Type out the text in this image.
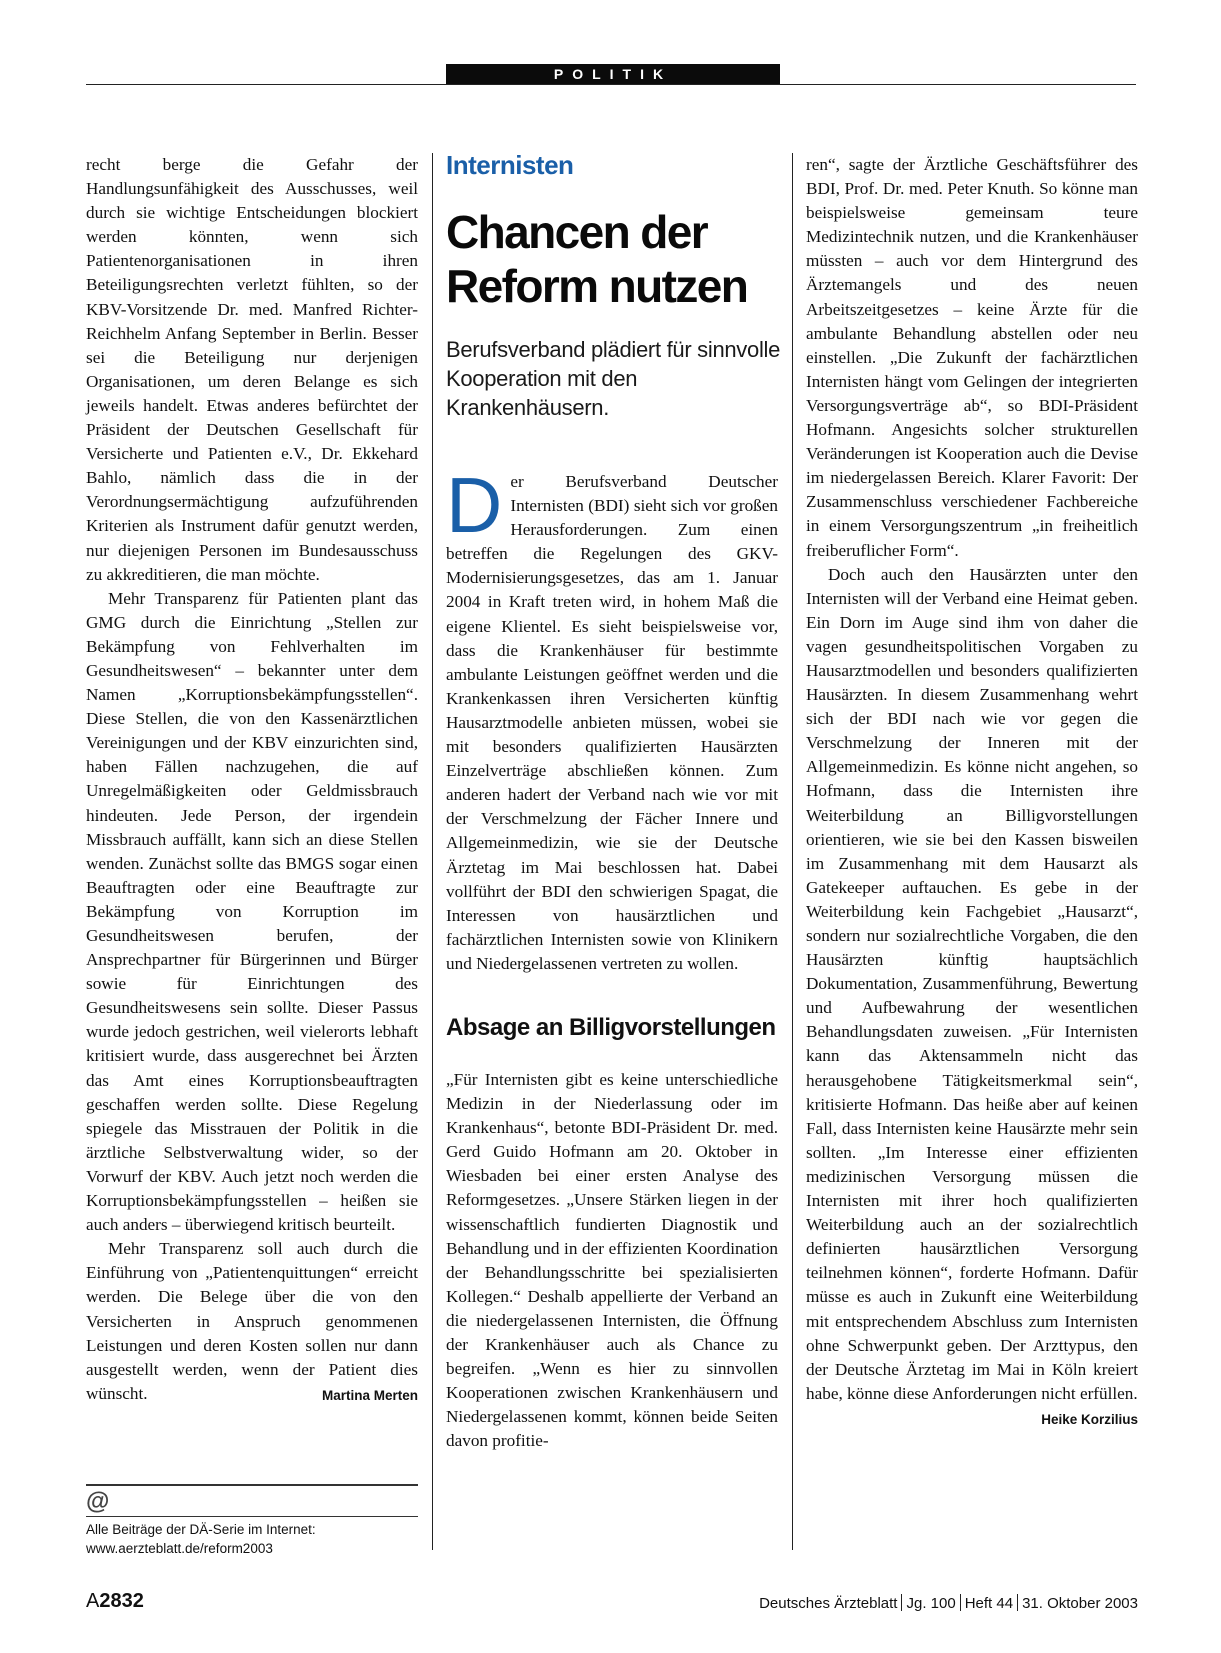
POLITIK

recht berge die Gefahr der Handlungsunfähigkeit des Ausschusses, weil durch sie wichtige Entscheidungen blockiert werden könnten, wenn sich Patientenorganisationen in ihren Beteiligungsrechten verletzt fühlten, so der KBV-Vorsitzende Dr. med. Manfred Richter-Reichhelm Anfang September in Berlin. Besser sei die Beteiligung nur derjenigen Organisationen, um deren Belange es sich jeweils handelt. Etwas anderes befürchtet der Präsident der Deutschen Gesellschaft für Versicherte und Patienten e.V., Dr. Ekkehard Bahlo, nämlich dass die in der Verordnungsermächtigung aufzuführenden Kriterien als Instrument dafür genutzt werden, nur diejenigen Personen im Bundesausschuss zu akkreditieren, die man möchte.

Mehr Transparenz für Patienten plant das GMG durch die Einrichtung „Stellen zur Bekämpfung von Fehlverhalten im Gesundheitswesen“ – bekannter unter dem Namen „Korruptionsbekämpfungsstellen“. Diese Stellen, die von den Kassenärztlichen Vereinigungen und der KBV einzurichten sind, haben Fällen nachzugehen, die auf Unregelmäßigkeiten oder Geldmissbrauch hindeuten. Jede Person, der irgendein Missbrauch auffällt, kann sich an diese Stellen wenden. Zunächst sollte das BMGS sogar einen Beauftragten oder eine Beauftragte zur Bekämpfung von Korruption im Gesundheitswesen berufen, der Ansprechpartner für Bürgerinnen und Bürger sowie für Einrichtungen des Gesundheitswesens sein sollte. Dieser Passus wurde jedoch gestrichen, weil vielerorts lebhaft kritisiert wurde, dass ausgerechnet bei Ärzten das Amt eines Korruptionsbeauftragten geschaffen werden sollte. Diese Regelung spiegele das Misstrauen der Politik in die ärztliche Selbstverwaltung wider, so der Vorwurf der KBV. Auch jetzt noch werden die Korruptionsbekämpfungsstellen – heißen sie auch anders – überwiegend kritisch beurteilt.

Mehr Transparenz soll auch durch die Einführung von „Patientenquittungen“ erreicht werden. Die Belege über die von den Versicherten in Anspruch genommenen Leistungen und deren Kosten sollen nur dann ausgestellt werden, wenn der Patient dies wünscht.	Martina Merten

@
Alle Beiträge der DÄ-Serie im Internet: www.aerzteblatt.de/reform2003
Internisten
Chancen der Reform nutzen
Berufsverband plädiert für sinnvolle Kooperation mit den Krankenhäusern.

Der Berufsverband Deutscher Internisten (BDI) sieht sich vor großen Herausforderungen. Zum einen betreffen die Regelungen des GKV-Modernisierungsgesetzes, das am 1. Januar 2004 in Kraft treten wird, in hohem Maß die eigene Klientel. Es sieht beispielsweise vor, dass die Krankenhäuser für bestimmte ambulante Leistungen geöffnet werden und die Krankenkassen ihren Versicherten künftig Hausarztmodelle anbieten müssen, wobei sie mit besonders qualifizierten Hausärzten Einzelverträge abschließen können. Zum anderen hadert der Verband nach wie vor mit der Verschmelzung der Fächer Innere und Allgemeinmedizin, wie sie der Deutsche Ärztetag im Mai beschlossen hat. Dabei vollführt der BDI den schwierigen Spagat, die Interessen von hausärztlichen und fachärztlichen Internisten sowie von Klinikern und Niedergelassenen vertreten zu wollen.

Absage an Billigvorstellungen

„Für Internisten gibt es keine unterschiedliche Medizin in der Niederlassung oder im Krankenhaus“, betonte BDI-Präsident Dr. med. Gerd Guido Hofmann am 20. Oktober in Wiesbaden bei einer ersten Analyse des Reformgesetzes. „Unsere Stärken liegen in der wissenschaftlich fundierten Diagnostik und Behandlung und in der effizienten Koordination der Behandlungsschritte bei spezialisierten Kollegen.“ Deshalb appellierte der Verband an die niedergelassenen Internisten, die Öffnung der Krankenhäuser auch als Chance zu begreifen. „Wenn es hier zu sinnvollen Kooperationen zwischen Krankenhäusern und Niedergelassenen kommt, können beide Seiten davon profitie-

ren“, sagte der Ärztliche Geschäftsführer des BDI, Prof. Dr. med. Peter Knuth. So könne man beispielsweise gemeinsam teure Medizintechnik nutzen, und die Krankenhäuser müssten – auch vor dem Hintergrund des Ärztemangels und des neuen Arbeitszeitgesetzes – keine Ärzte für die ambulante Behandlung abstellen oder neu einstellen. „Die Zukunft der fachärztlichen Internisten hängt vom Gelingen der integrierten Versorgungsverträge ab“, so BDI-Präsident Hofmann. Angesichts solcher strukturellen Veränderungen ist Kooperation auch die Devise im niedergelassen Bereich. Klarer Favorit: Der Zusammenschluss verschiedener Fachbereiche in einem Versorgungszentrum „in freiheitlich freiberuflicher Form“.

Doch auch den Hausärzten unter den Internisten will der Verband eine Heimat geben. Ein Dorn im Auge sind ihm von daher die vagen gesundheitspolitischen Vorgaben zu Hausarztmodellen und besonders qualifizierten Hausärzten. In diesem Zusammenhang wehrt sich der BDI nach wie vor gegen die Verschmelzung der Inneren mit der Allgemeinmedizin. Es könne nicht angehen, so Hofmann, dass die Internisten ihre Weiterbildung an Billigvorstellungen orientieren, wie sie bei den Kassen bisweilen im Zusammenhang mit dem Hausarzt als Gatekeeper auftauchen. Es gebe in der Weiterbildung kein Fachgebiet „Hausarzt“, sondern nur sozialrechtliche Vorgaben, die den Hausärzten künftig hauptsächlich Dokumentation, Zusammenführung, Bewertung und Aufbewahrung der wesentlichen Behandlungsdaten zuweisen. „Für Internisten kann das Aktensammeln nicht das herausgehobene Tätigkeitsmerkmal sein“, kritisierte Hofmann. Das heiße aber auf keinen Fall, dass Internisten keine Hausärzte mehr sein sollten. „Im Interesse einer effizienten medizinischen Versorgung müssen die Internisten mit ihrer hoch qualifizierten Weiterbildung auch an der sozialrechtlich definierten hausärztlichen Versorgung teilnehmen können“, forderte Hofmann. Dafür müsse es auch in Zukunft eine Weiterbildung mit entsprechendem Abschluss zum Internisten ohne Schwerpunkt geben. Der Arzttypus, den der Deutsche Ärztetag im Mai in Köln kreiert habe, könne diese Anforderungen nicht erfüllen.
Heike Korzilius

A2832	Deutsches Ärzteblatt Jg. 100 Heft 44 31. Oktober 2003
